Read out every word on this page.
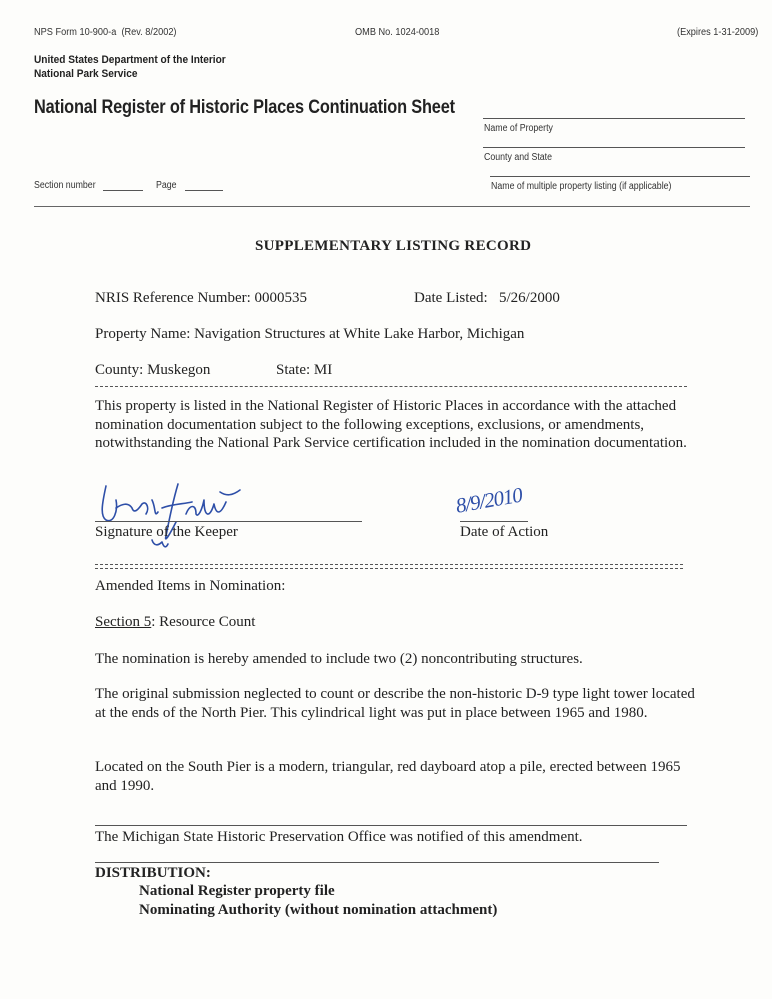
NPS Form 10-900-a (Rev. 8/2002)	OMB No. 1024-0018	(Expires 1-31-2009)
United States Department of the Interior
National Park Service
National Register of Historic Places Continuation Sheet
Name of Property
County and State
Name of multiple property listing (if applicable)
Section number	Page
SUPPLEMENTARY LISTING RECORD
NRIS Reference Number: 0000535	Date Listed: 5/26/2000
Property Name: Navigation Structures at White Lake Harbor, Michigan
County: Muskegon	State: MI
This property is listed in the National Register of Historic Places in accordance with the attached nomination documentation subject to the following exceptions, exclusions, or amendments, notwithstanding the National Park Service certification included in the nomination documentation.
Signature of the Keeper
8/9/2010
Date of Action
Amended Items in Nomination:
Section 5: Resource Count
The nomination is hereby amended to include two (2) noncontributing structures.
The original submission neglected to count or describe the non-historic D-9 type light tower located at the ends of the North Pier. This cylindrical light was put in place between 1965 and 1980.
Located on the South Pier is a modern, triangular, red dayboard atop a pile, erected between 1965 and 1990.
The Michigan State Historic Preservation Office was notified of this amendment.
DISTRIBUTION:
National Register property file
Nominating Authority (without nomination attachment)
